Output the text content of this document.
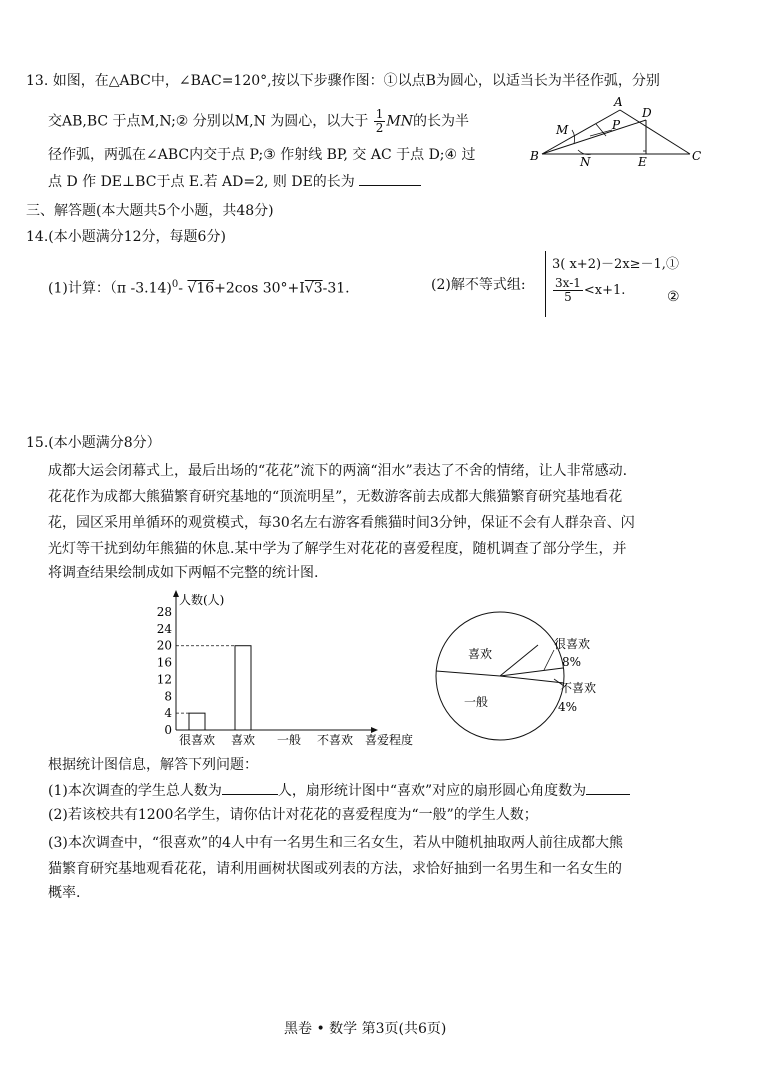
13. 如图，在△ABC中，∠BAC=120°,按以下步骤作图：①以点B为圆心，以适当长为半径作弧，分别
交AB,BC 于点M,N;② 分别以M,N 为圆心，以大于 $\frac{1}{2}$ MN的长为半
径作弧，两弧在∠ABC内交于点 P;③ 作射线 BP, 交 AC 于点 D;④ 过
点 D 作 DE⊥BC于点 E.若 AD=2, 则 DE的长为
A
B	C
D
E
M
N
P
三、解答题(本大题共5个小题，共48分)
14.(本小题满分12分，每题6分)
(1)计算：（π -3.14)$^0$- √16+2cos 30°+I√3-31.	(2)解不等式组:
3( x+2)－2x≥－1,①
$\frac{3x-1}{5} <x+1$.	②
15.(本小题满分8分）
成都大运会闭幕式上，最后出场的“花花”流下的两滴“泪水”表达了不舍的情绪，让人非常感动.
花花作为成都大熊猫繁育研究基地的“顶流明星”，无数游客前去成都大熊猫繁育研究基地看花
花，园区采用单循环的观赏模式，每30名左右游客看熊猫时间3分钟，保证不会有人群杂音、闪
光灯等干扰到幼年熊猫的休息.某中学为了解学生对花花的喜爱程度，随机调查了部分学生，并
将调查结果绘制成如下两幅不完整的统计图.
人数(人)
喜爱程度
0
4
8
12
16
20
24
28
很喜欢 喜欢 一般 不喜欢
喜欢
一般
很喜欢
8%
不喜欢
4%
根据统计图信息，解答下列问题：
(1)本次调查的学生总人数为	人，扇形统计图中“喜欢”对应的扇形圆心角度数为
(2)若该校共有1200名学生，请你估计对花花的喜爱程度为“一般”的学生人数；
(3)本次调查中，“很喜欢”的4人中有一名男生和三名女生，若从中随机抽取两人前往成都大熊
猫繁育研究基地观看花花，请利用画树状图或列表的方法，求恰好抽到一名男生和一名女生的
概率.
黑卷 • 数学 第3页(共6页)
